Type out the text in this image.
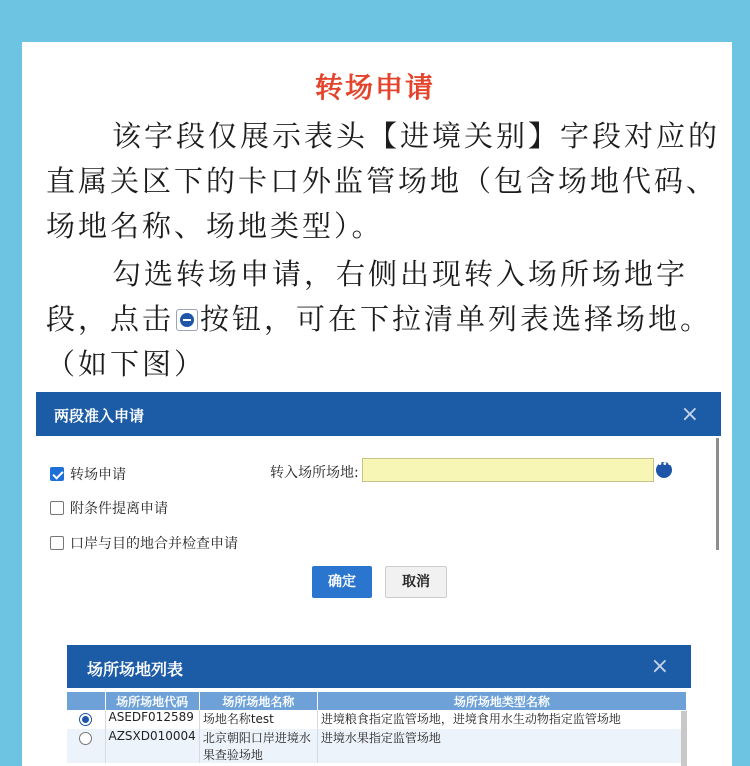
转场申请
该字段仅展示表头【进境关别】字段对应的直属关区下的卡口外监管场地（包含场地代码、场地名称、场地类型）。
勾选转场申请，右侧出现转入场所场地字段，点击 按钮，可在下拉清单列表选择场地。（如下图）
两段准入申请	×
转场申请
附条件提离申请
口岸与目的地合并检查申请
转入场所场地:
•••
确定	取消
场所场地列表	×
	场所场地代码	场所场地名称	场所场地类型名称
	ASEDF012589	场地名称test	进境粮食指定监管场地，进境食用水生动物指定监管场地
	AZSXD010004	北京朝阳口岸进境水果查验场地	进境水果指定监管场地
